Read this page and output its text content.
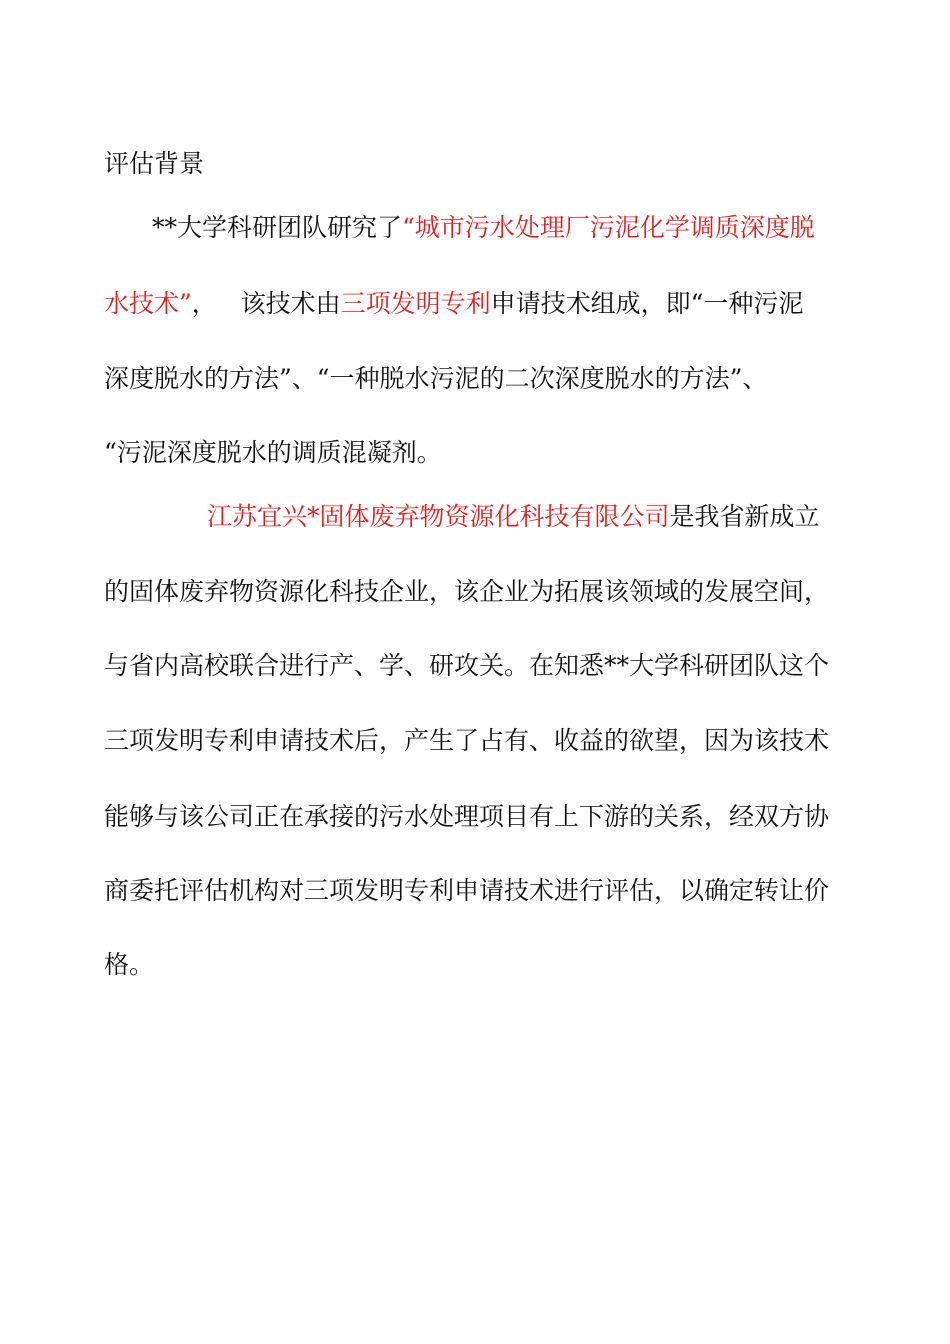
评估背景
**大学科研团队研究了“城市污水处理厂污泥化学调质深度脱
水技术”，   该技术由三项发明专利申请技术组成，即“一种污泥
深度脱水的方法”、“一种脱水污泥的二次深度脱水的方法”、
“污泥深度脱水的调质混凝剂。
江苏宜兴*固体废弃物资源化科技有限公司是我省新成立
的固体废弃物资源化科技企业，该企业为拓展该领域的发展空间，
与省内高校联合进行产、学、研攻关。在知悉**大学科研团队这个
三项发明专利申请技术后，产生了占有、收益的欲望，因为该技术
能够与该公司正在承接的污水处理项目有上下游的关系，经双方协
商委托评估机构对三项发明专利申请技术进行评估，以确定转让价
格。
